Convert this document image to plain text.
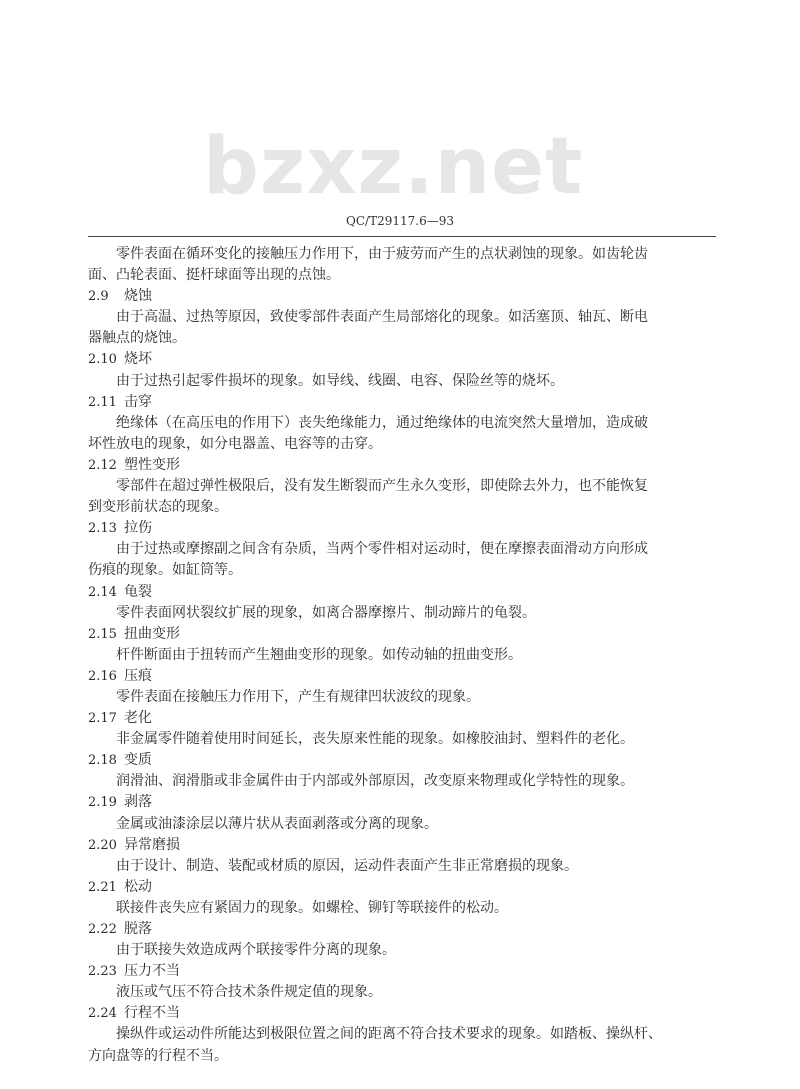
bzxz.net
QC/T29117.6—93
零件表面在循环变化的接触压力作用下，由于疲劳而产生的点状剥蚀的现象。如齿轮齿
面、凸轮表面、挺杆球面等出现的点蚀。
2.9 烧蚀
由于高温、过热等原因，致使零部件表面产生局部熔化的现象。如活塞顶、轴瓦、断电
器触点的烧蚀。
2.10 烧坏
由于过热引起零件损坏的现象。如导线、线圈、电容、保险丝等的烧坏。
2.11 击穿
绝缘体（在高压电的作用下）丧失绝缘能力，通过绝缘体的电流突然大量增加，造成破
坏性放电的现象，如分电器盖、电容等的击穿。
2.12 塑性变形
零部件在超过弹性极限后，没有发生断裂而产生永久变形，即使除去外力，也不能恢复
到变形前状态的现象。
2.13 拉伤
由于过热或摩擦副之间含有杂质，当两个零件相对运动时，便在摩擦表面滑动方向形成
伤痕的现象。如缸筒等。
2.14 龟裂
零件表面网状裂纹扩展的现象，如离合器摩擦片、制动蹄片的龟裂。
2.15 扭曲变形
杆件断面由于扭转而产生翘曲变形的现象。如传动轴的扭曲变形。
2.16 压痕
零件表面在接触压力作用下，产生有规律凹状波纹的现象。
2.17 老化
非金属零件随着使用时间延长，丧失原来性能的现象。如橡胶油封、塑料件的老化。
2.18 变质
润滑油、润滑脂或非金属件由于内部或外部原因，改变原来物理或化学特性的现象。
2.19 剥落
金属或油漆涂层以薄片状从表面剥落或分离的现象。
2.20 异常磨损
由于设计、制造、装配或材质的原因，运动件表面产生非正常磨损的现象。
2.21 松动
联接件丧失应有紧固力的现象。如螺栓、铆钉等联接件的松动。
2.22 脱落
由于联接失效造成两个联接零件分离的现象。
2.23 压力不当
液压或气压不符合技术条件规定值的现象。
2.24 行程不当
操纵件或运动件所能达到极限位置之间的距离不符合技术要求的现象。如踏板、操纵杆、
方向盘等的行程不当。
